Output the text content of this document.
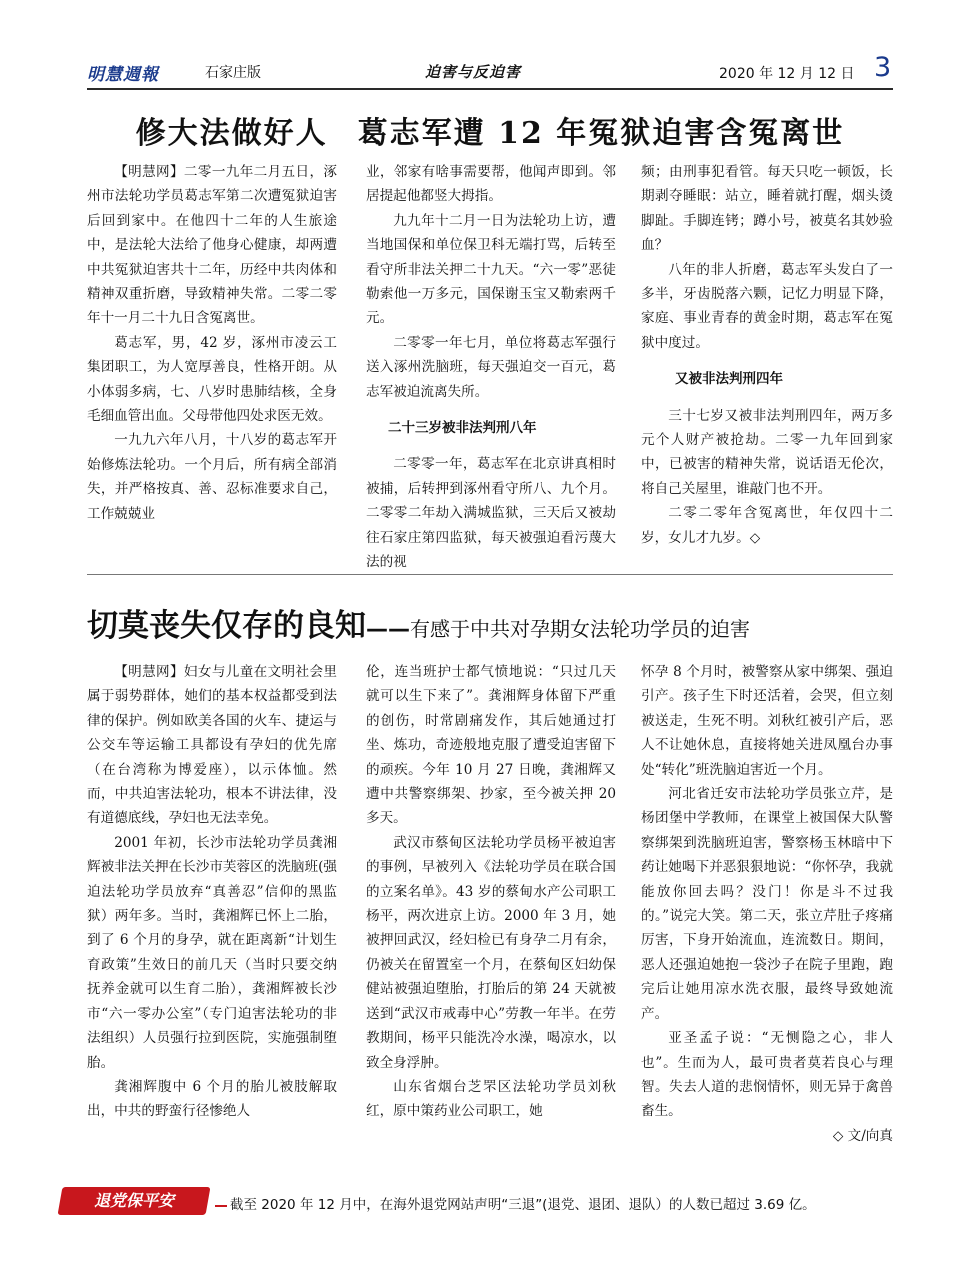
明慧週報	石家庄版	迫害与反迫害	2020 年 12 月 12 日 3
修大法做好人 葛志军遭 12 年冤狱迫害含冤离世

【明慧网】二零一九年二月五日，涿州市法轮功学员葛志军第二次遭冤狱迫害后回到家中。在他四十二年的人生旅途中，是法轮大法给了他身心健康，却两遭中共冤狱迫害共十二年，历经中共肉体和精神双重折磨，导致精神失常。二零二零年十一月二十九日含冤离世。

葛志军，男，42 岁，涿州市凌云工集团职工，为人宽厚善良，性格开朗。从小体弱多病，七、八岁时患肺结核，全身毛细血管出血。父母带他四处求医无效。

一九九六年八月，十八岁的葛志军开始修炼法轮功。一个月后，所有病全部消失，并严格按真、善、忍标准要求自己，工作兢兢业

业，邻家有啥事需要帮，他闻声即到。邻居提起他都竖大拇指。

九九年十二月一日为法轮功上访，遭当地国保和单位保卫科无端打骂，后转至看守所非法关押二十九天。“六一零”恶徒勒索他一万多元，国保谢玉宝又勒索两千元。

二零零一年七月，单位将葛志军强行送入涿州洗脑班，每天强迫交一百元，葛志军被迫流离失所。

二十三岁被非法判刑八年

二零零一年，葛志军在北京讲真相时被捕，后转押到涿州看守所八、九个月。二零零二年劫入满城监狱，三天后又被劫往石家庄第四监狱，每天被强迫看污蔑大法的视

频；由刑事犯看管。每天只吃一顿饭，长期剥夺睡眠：站立，睡着就打醒，烟头烫脚趾。手脚连铐；蹲小号，被莫名其妙验血？

八年的非人折磨，葛志军头发白了一多半，牙齿脱落六颗，记忆力明显下降，家庭、事业青春的黄金时期，葛志军在冤狱中度过。

又被非法判刑四年

三十七岁又被非法判刑四年，两万多元个人财产被抢劫。二零一九年回到家中，已被害的精神失常，说话语无伦次，将自己关屋里，谁敲门也不开。

二零二零年含冤离世，年仅四十二岁，女儿才九岁。◇

切莫丧失仅存的良知——有感于中共对孕期女法轮功学员的迫害

【明慧网】妇女与儿童在文明社会里属于弱势群体，她们的基本权益都受到法律的保护。例如欧美各国的火车、捷运与公交车等运输工具都设有孕妇的优先席（在台湾称为博爱座），以示体恤。然而，中共迫害法轮功，根本不讲法律，没有道德底线，孕妇也无法幸免。

2001 年初，长沙市法轮功学员龚湘辉被非法关押在长沙市芙蓉区的洗脑班(强迫法轮功学员放弃“真善忍”信仰的黑监狱）两年多。当时，龚湘辉已怀上二胎，到了 6 个月的身孕，就在距离新“计划生育政策”生效日的前几天（当时只要交纳抚养金就可以生育二胎），龚湘辉被长沙市“六一零办公室”（专门迫害法轮功的非法组织）人员强行拉到医院，实施强制堕胎。

龚湘辉腹中 6 个月的胎儿被肢解取出，中共的野蛮行径惨绝人

伦，连当班护士都气愤地说：“只过几天就可以生下来了”。龚湘辉身体留下严重的创伤，时常剧痛发作，其后她通过打坐、炼功，奇迹般地克服了遭受迫害留下的顽疾。今年 10 月 27 日晚，龚湘辉又遭中共警察绑架、抄家，至今被关押 20 多天。

武汉市蔡甸区法轮功学员杨平被迫害的事例，早被列入《法轮功学员在联合国的立案名单》。43 岁的蔡甸水产公司职工杨平，两次进京上访。2000 年 3 月，她被押回武汉，经妇检已有身孕二月有余，仍被关在留置室一个月，在蔡甸区妇幼保健站被强迫堕胎，打胎后的第 24 天就被送到“武汉市戒毒中心”劳教一年半。在劳教期间，杨平只能洗冷水澡，喝凉水，以致全身浮肿。

山东省烟台芝罘区法轮功学员刘秋红，原中策药业公司职工，她

怀孕 8 个月时，被警察从家中绑架、强迫引产。孩子生下时还活着，会哭，但立刻被送走，生死不明。刘秋红被引产后，恶人不让她休息，直接将她关进凤凰台办事处“转化”班洗脑迫害近一个月。

河北省迁安市法轮功学员张立芹，是杨团堡中学教师，在课堂上被国保大队警察绑架到洗脑班迫害，警察杨玉林暗中下药让她喝下并恶狠狠地说：“你怀孕，我就能放你回去吗？没门！你是斗不过我的。”说完大笑。第二天，张立芹肚子疼痛厉害，下身开始流血，连流数日。期间，恶人还强迫她抱一袋沙子在院子里跑，跑完后让她用凉水洗衣服，最终导致她流产。

亚圣孟子说：“无恻隐之心，非人也”。生而为人，最可贵者莫若良心与理智。失去人道的悲悯情怀，则无异于禽兽畜生。

◇ 文/向真

退党保平安	截至 2020 年 12 月中，在海外退党网站声明“三退”(退党、退团、退队）的人数已超过 3.69 亿。
